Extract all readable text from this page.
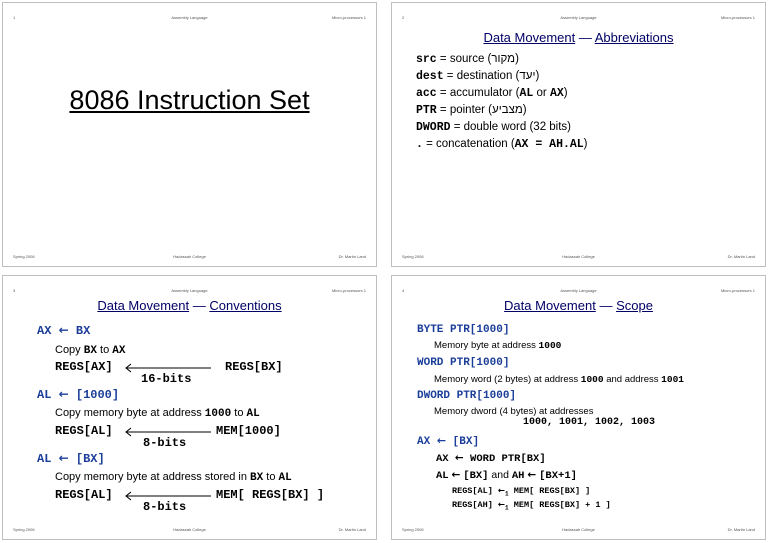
1	Assembly Language	Micro-processors 1
8086 Instruction Set
Spring 2006	Hadassah College	Dr. Martin Land
2	Assembly Language	Micro-processors 1
Data Movement — Abbreviations
src = source (מקור)
dest = destination (יעד)
acc = accumulator (AL or AX)
PTR = pointer (מצביע)
DWORD = double word (32 bits)
. = concatenation (AX = AH.AL)
Spring 2006	Hadassah College	Dr. Martin Land
3	Assembly Language	Micro-processors 1
Data Movement — Conventions
AX ← BX
Copy BX to AX
REGS[AX]	REGS[BX]
16-bits
AL ← [1000]
Copy memory byte at address 1000 to AL
REGS[AL]	MEM[1000]
8-bits
AL ← [BX]
Copy memory byte at address stored in BX to AL
REGS[AL]	MEM[ REGS[BX] ]
8-bits
Spring 2006	Hadassah College	Dr. Martin Land
4	Assembly Language	Micro-processors 1
Data Movement — Scope
BYTE PTR[1000]
Memory byte at address 1000
WORD PTR[1000]
Memory word (2 bytes) at address 1000 and address 1001
DWORD PTR[1000]
Memory dword (4 bytes) at addresses
1000, 1001, 1002, 1003
AX ← [BX]
AX ← WORD PTR[BX]
AL ← [BX] and AH ← [BX+1]
REGS[AL] $\leftarrow_1$ MEM[ REGS[BX] ]
REGS[AH] $\leftarrow_1$ MEM[ REGS[BX] + 1 ]
Spring 2006	Hadassah College	Dr. Martin Land
